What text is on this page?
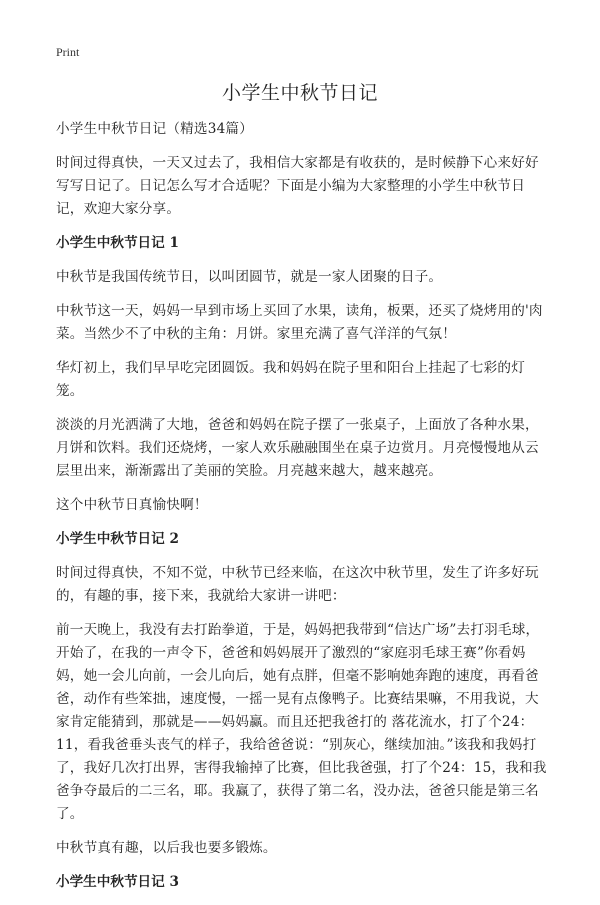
Print
小学生中秋节日记

小学生中秋节日记（精选34篇）

时间过得真快，一天又过去了，我相信大家都是有收获的，是时候静下心来好好写写日记了。日记怎么写才合适呢？下面是小编为大家整理的小学生中秋节日记，欢迎大家分享。

小学生中秋节日记 1

中秋节是我国传统节日，以叫团圆节，就是一家人团聚的日子。

中秋节这一天，妈妈一早到市场上买回了水果，读角，板栗，还买了烧烤用的'肉菜。当然少不了中秋的主角：月饼。家里充满了喜气洋洋的气氛！

华灯初上，我们早早吃完团圆饭。我和妈妈在院子里和阳台上挂起了七彩的灯笼。

淡淡的月光洒满了大地，爸爸和妈妈在院子摆了一张桌子，上面放了各种水果，月饼和饮料。我们还烧烤，一家人欢乐融融围坐在桌子边赏月。月亮慢慢地从云层里出来，渐渐露出了美丽的笑脸。月亮越来越大，越来越亮。

这个中秋节日真愉快啊！

小学生中秋节日记 2

时间过得真快，不知不觉，中秋节已经来临，在这次中秋节里，发生了许多好玩的，有趣的事，接下来，我就给大家讲一讲吧：

前一天晚上，我没有去打跆拳道，于是，妈妈把我带到“信达广场”去打羽毛球，开始了，在我的一声令下，爸爸和妈妈展开了激烈的“家庭羽毛球王赛”你看妈妈，她一会儿向前，一会儿向后，她有点胖，但毫不影响她奔跑的速度，再看爸爸，动作有些笨拙，速度慢，一摇一晃有点像鸭子。比赛结果嘛，不用我说，大家肯定能猜到，那就是——妈妈赢。而且还把我爸打的 落花流水，打了个24：11，看我爸垂头丧气的样子，我给爸爸说：“别灰心，继续加油。”该我和我妈打了，我好几次打出界，害得我输掉了比赛，但比我爸强，打了个24：15，我和我爸争夺最后的二三名，耶。我赢了，获得了第二名，没办法，爸爸只能是第三名了。

中秋节真有趣，以后我也要多锻炼。

小学生中秋节日记 3
